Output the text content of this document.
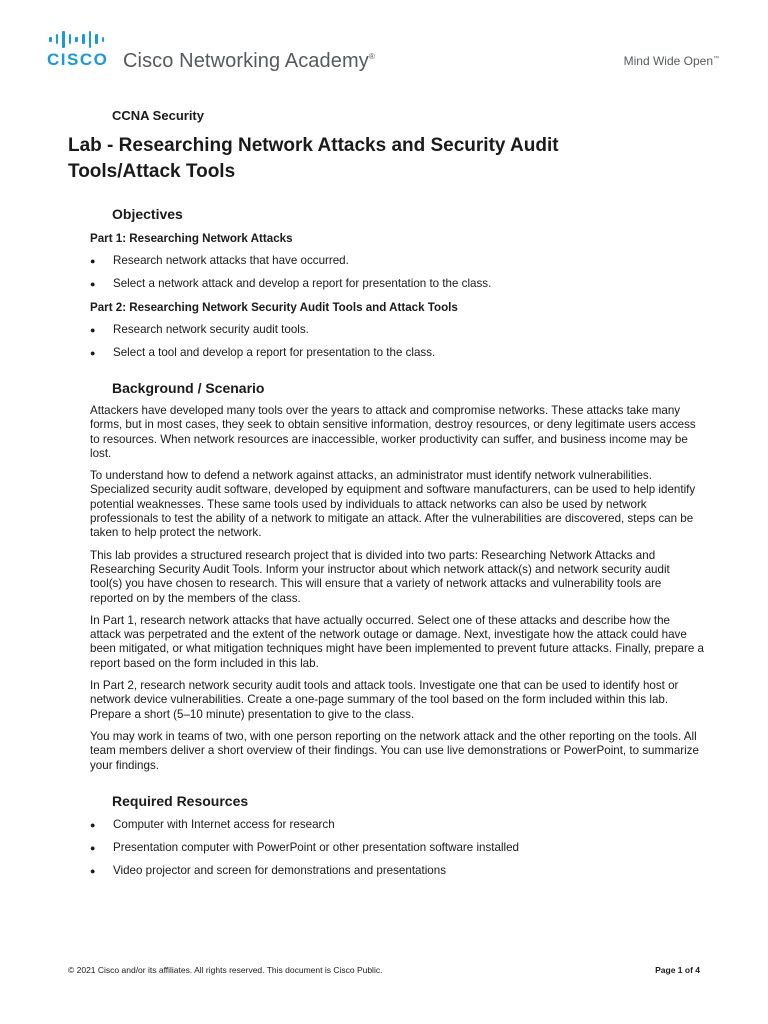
CISCO Cisco Networking Academy®	Mind Wide Open™
CCNA Security
Lab - Researching Network Attacks and Security Audit
Tools/Attack Tools
Objectives
Part 1: Researching Network Attacks
● Research network attacks that have occurred.
● Select a network attack and develop a report for presentation to the class.
Part 2: Researching Network Security Audit Tools and Attack Tools
● Research network security audit tools.
● Select a tool and develop a report for presentation to the class.
Background / Scenario

Attackers have developed many tools over the years to attack and compromise networks. These attacks take many forms, but in most cases, they seek to obtain sensitive information, destroy resources, or deny legitimate users access to resources. When network resources are inaccessible, worker productivity can suffer, and business income may be lost.

To understand how to defend a network against attacks, an administrator must identify network vulnerabilities. Specialized security audit software, developed by equipment and software manufacturers, can be used to help identify potential weaknesses. These same tools used by individuals to attack networks can also be used by network professionals to test the ability of a network to mitigate an attack. After the vulnerabilities are discovered, steps can be taken to help protect the network.

This lab provides a structured research project that is divided into two parts: Researching Network Attacks and Researching Security Audit Tools. Inform your instructor about which network attack(s) and network security audit tool(s) you have chosen to research. This will ensure that a variety of network attacks and vulnerability tools are reported on by the members of the class.

In Part 1, research network attacks that have actually occurred. Select one of these attacks and describe how the attack was perpetrated and the extent of the network outage or damage. Next, investigate how the attack could have been mitigated, or what mitigation techniques might have been implemented to prevent future attacks. Finally, prepare a report based on the form included in this lab.

In Part 2, research network security audit tools and attack tools. Investigate one that can be used to identify host or network device vulnerabilities. Create a one-page summary of the tool based on the form included within this lab. Prepare a short (5–10 minute) presentation to give to the class.

You may work in teams of two, with one person reporting on the network attack and the other reporting on the tools. All team members deliver a short overview of their findings. You can use live demonstrations or PowerPoint, to summarize your findings.

Required Resources
● Computer with Internet access for research
● Presentation computer with PowerPoint or other presentation software installed
● Video projector and screen for demonstrations and presentations
© 2021 Cisco and/or its affiliates. All rights reserved. This document is Cisco Public.	Page 1 of 4
